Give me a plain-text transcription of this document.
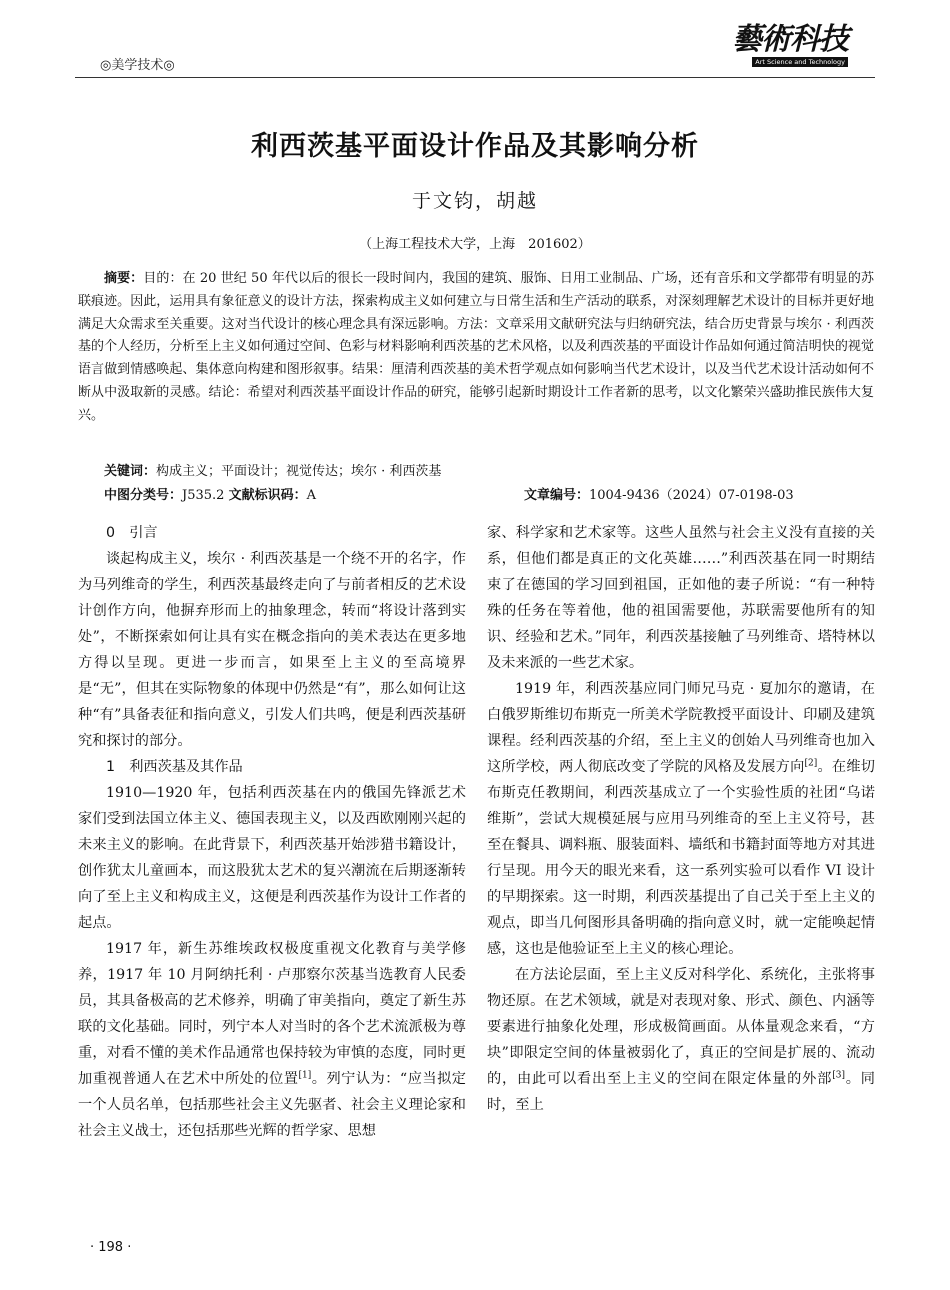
◎美学技术◎
藝術科技
Art Science and Technology
利西茨基平面设计作品及其影响分析
于文钧，胡越
（上海工程技术大学，上海　201602）

摘要：目的：在 20 世纪 50 年代以后的很长一段时间内，我国的建筑、服饰、日用工业制品、广场，还有音乐和文学都带有明显的苏联痕迹。因此，运用具有象征意义的设计方法，探索构成主义如何建立与日常生活和生产活动的联系，对深刻理解艺术设计的目标并更好地满足大众需求至关重要。这对当代设计的核心理念具有深远影响。方法：文章采用文献研究法与归纳研究法，结合历史背景与埃尔 · 利西茨基的个人经历，分析至上主义如何通过空间、色彩与材料影响利西茨基的艺术风格，以及利西茨基的平面设计作品如何通过简洁明快的视觉语言做到情感唤起、集体意向构建和图形叙事。结果：厘清利西茨基的美术哲学观点如何影响当代艺术设计，以及当代艺术设计活动如何不断从中汲取新的灵感。结论：希望对利西茨基平面设计作品的研究，能够引起新时期设计工作者新的思考，以文化繁荣兴盛助推民族伟大复兴。

关键词：构成主义；平面设计；视觉传达；埃尔 · 利西茨基
中图分类号：J535.2 文献标识码：A	文章编号：1004-9436（2024）07-0198-03
0　引言

谈起构成主义，埃尔 · 利西茨基是一个绕不开的名字，作为马列维奇的学生，利西茨基最终走向了与前者相反的艺术设计创作方向，他摒弃形而上的抽象理念，转而“将设计落到实处”，不断探索如何让具有实在概念指向的美术表达在更多地方得以呈现。更进一步而言，如果至上主义的至高境界是“无”，但其在实际物象的体现中仍然是“有”，那么如何让这种“有”具备表征和指向意义，引发人们共鸣，便是利西茨基研究和探讨的部分。

1　利西茨基及其作品

1910—1920 年，包括利西茨基在内的俄国先锋派艺术家们受到法国立体主义、德国表现主义，以及西欧刚刚兴起的未来主义的影响。在此背景下，利西茨基开始涉猎书籍设计，创作犹太儿童画本，而这股犹太艺术的复兴潮流在后期逐渐转向了至上主义和构成主义，这便是利西茨基作为设计工作者的起点。

1917 年，新生苏维埃政权极度重视文化教育与美学修养，1917 年 10 月阿纳托利 · 卢那察尔茨基当选教育人民委员，其具备极高的艺术修养，明确了审美指向，奠定了新生苏联的文化基础。同时，列宁本人对当时的各个艺术流派极为尊重，对看不懂的美术作品通常也保持较为审慎的态度，同时更加重视普通人在艺术中所处的位置[1]。列宁认为：“应当拟定一个人员名单，包括那些社会主义先驱者、社会主义理论家和社会主义战士，还包括那些光辉的哲学家、思想

家、科学家和艺术家等。这些人虽然与社会主义没有直接的关系，但他们都是真正的文化英雄……”利西茨基在同一时期结束了在德国的学习回到祖国，正如他的妻子所说：“有一种特殊的任务在等着他，他的祖国需要他，苏联需要他所有的知识、经验和艺术。”同年，利西茨基接触了马列维奇、塔特林以及未来派的一些艺术家。

1919 年，利西茨基应同门师兄马克 · 夏加尔的邀请，在白俄罗斯维切布斯克一所美术学院教授平面设计、印刷及建筑课程。经利西茨基的介绍，至上主义的创始人马列维奇也加入这所学校，两人彻底改变了学院的风格及发展方向[2]。在维切布斯克任教期间，利西茨基成立了一个实验性质的社团“乌诺维斯”，尝试大规模延展与应用马列维奇的至上主义符号，甚至在餐具、调料瓶、服装面料、墙纸和书籍封面等地方对其进行呈现。用今天的眼光来看，这一系列实验可以看作 VI 设计的早期探索。这一时期，利西茨基提出了自己关于至上主义的观点，即当几何图形具备明确的指向意义时，就一定能唤起情感，这也是他验证至上主义的核心理论。

在方法论层面，至上主义反对科学化、系统化，主张将事物还原。在艺术领域，就是对表现对象、形式、颜色、内涵等要素进行抽象化处理，形成极简画面。从体量观念来看，“方块”即限定空间的体量被弱化了，真正的空间是扩展的、流动的，由此可以看出至上主义的空间在限定体量的外部[3]。同时，至上

· 198 ·
